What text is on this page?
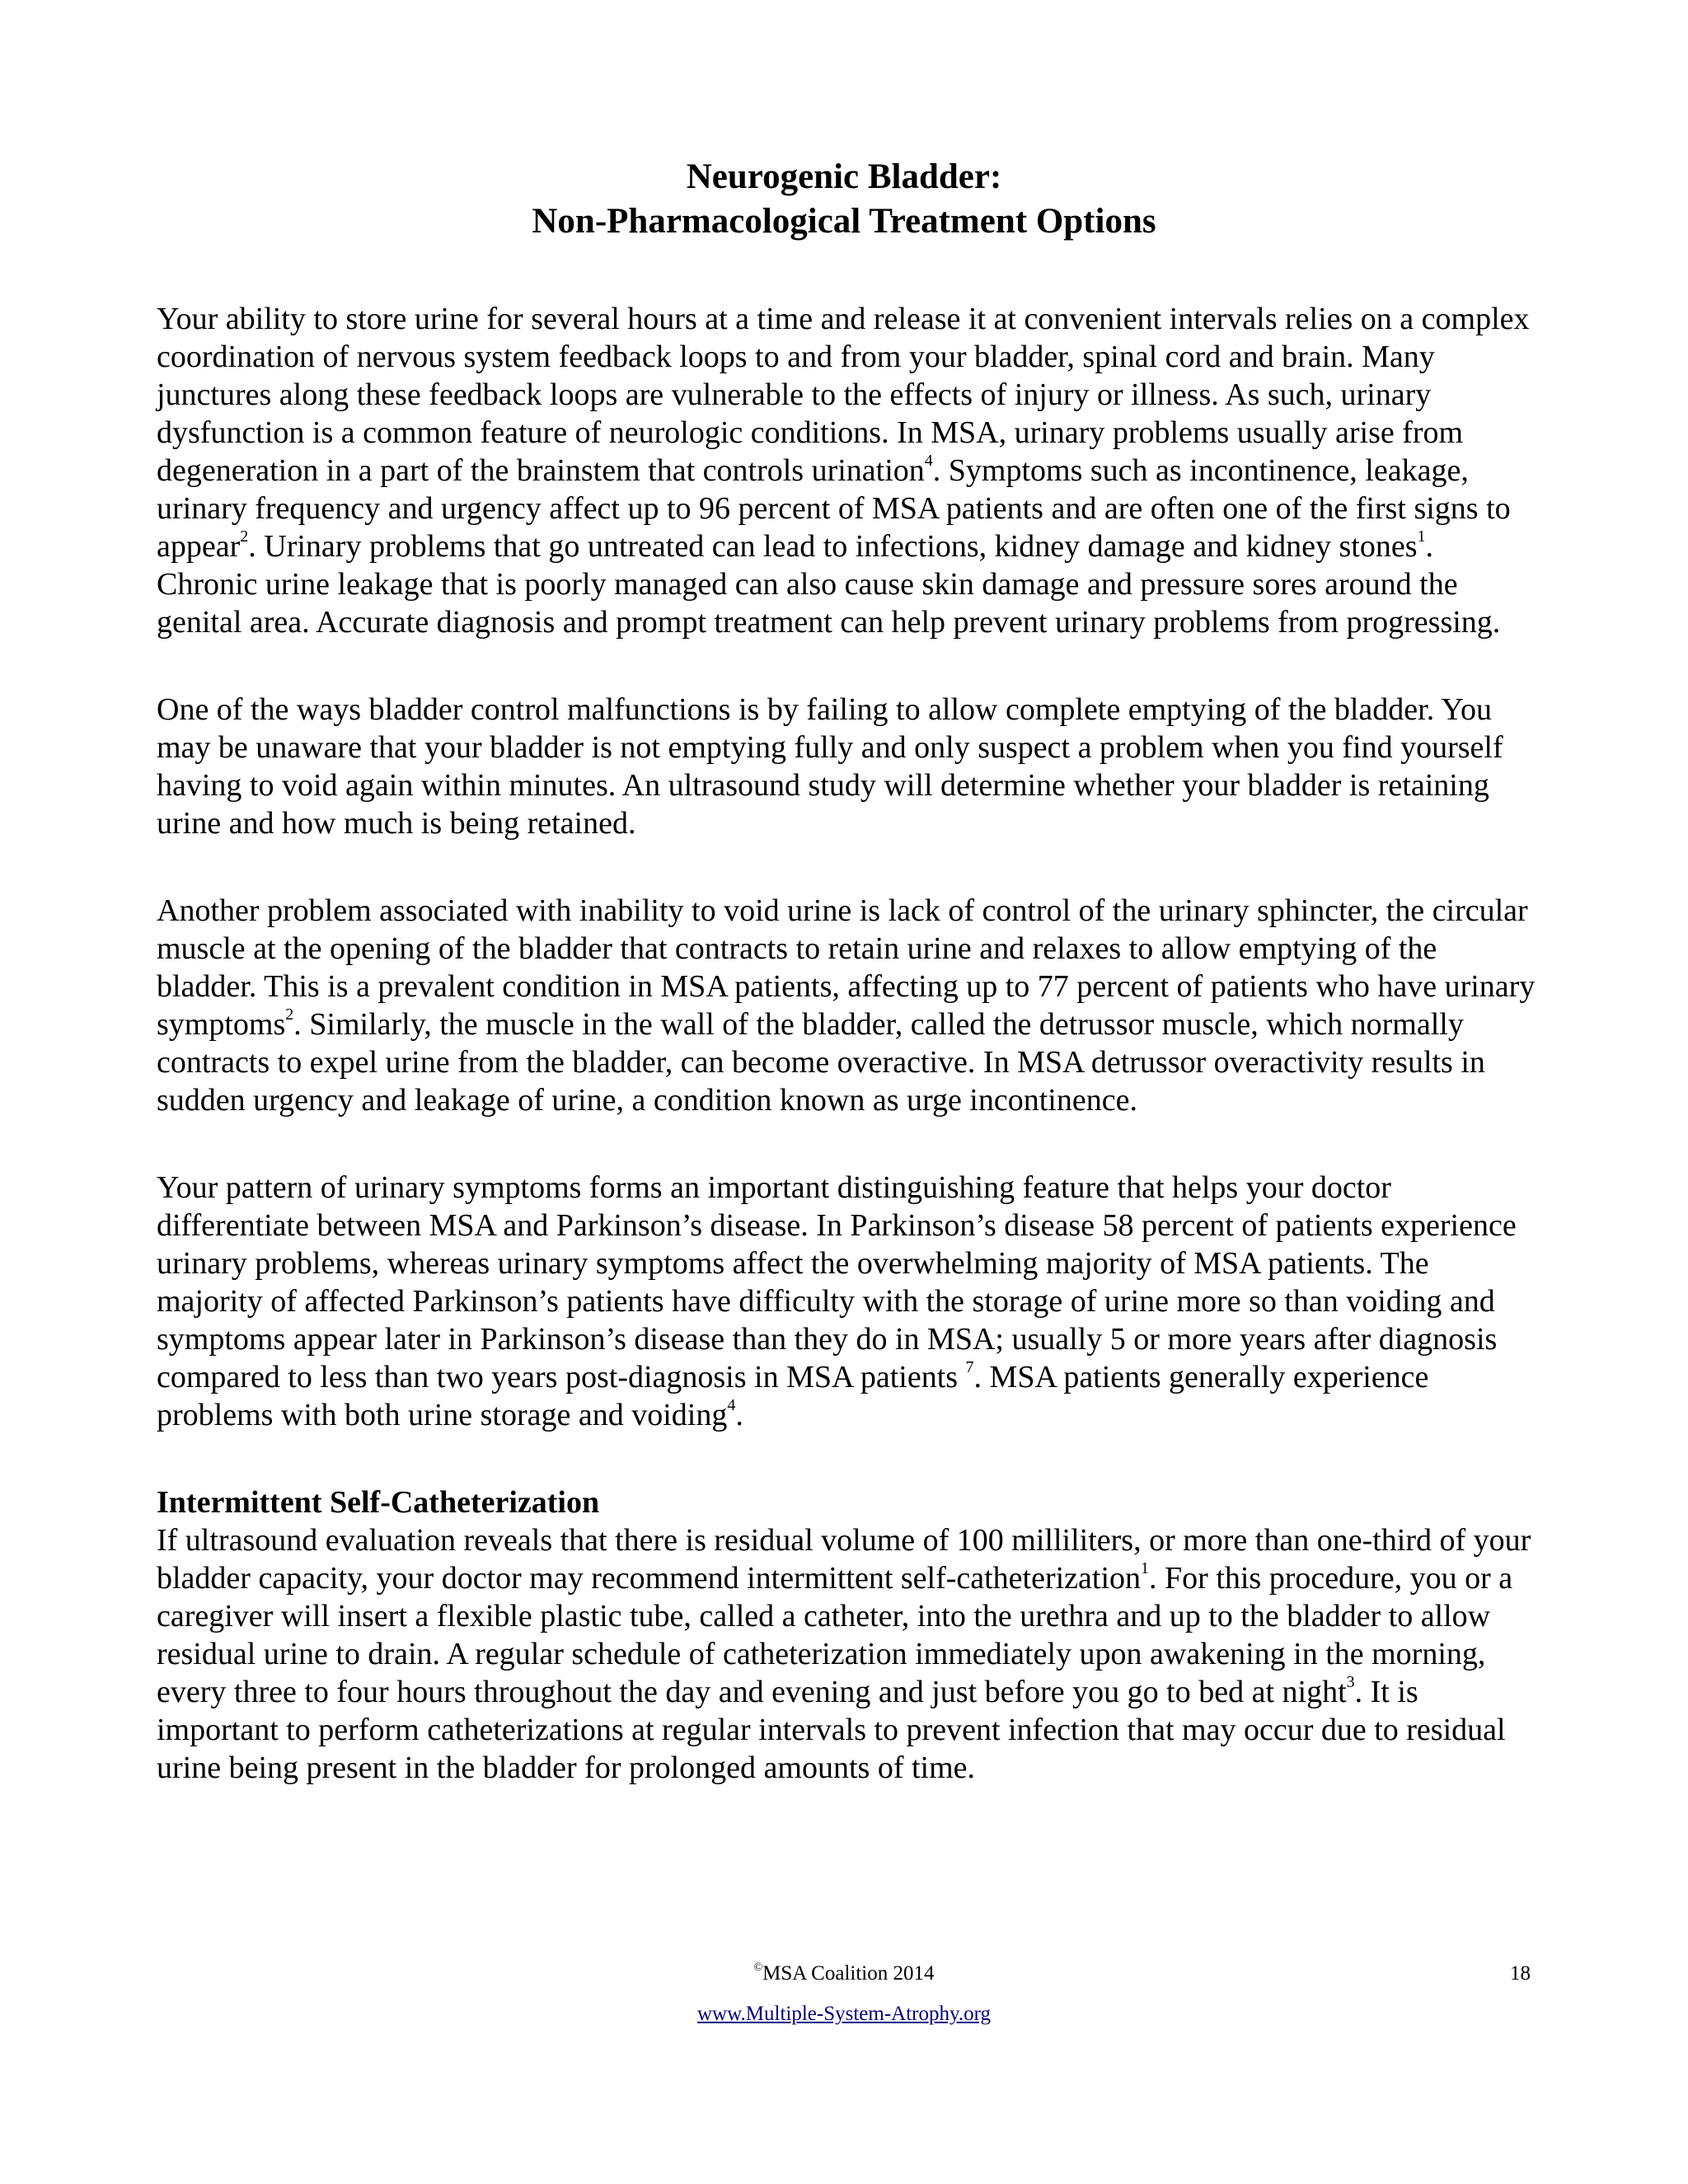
Neurogenic Bladder:
Non-Pharmacological Treatment Options

Your ability to store urine for several hours at a time and release it at convenient intervals relies on a complex coordination of nervous system feedback loops to and from your bladder, spinal cord and brain. Many junctures along these feedback loops are vulnerable to the effects of injury or illness. As such, urinary dysfunction is a common feature of neurologic conditions. In MSA, urinary problems usually arise from degeneration in a part of the brainstem that controls urination$^4$. Symptoms such as incontinence, leakage, urinary frequency and urgency affect up to 96 percent of MSA patients and are often one of the first signs to appear$^2$. Urinary problems that go untreated can lead to infections, kidney damage and kidney stones$^1$. Chronic urine leakage that is poorly managed can also cause skin damage and pressure sores around the genital area. Accurate diagnosis and prompt treatment can help prevent urinary problems from progressing.

One of the ways bladder control malfunctions is by failing to allow complete emptying of the bladder. You may be unaware that your bladder is not emptying fully and only suspect a problem when you find yourself having to void again within minutes. An ultrasound study will determine whether your bladder is retaining urine and how much is being retained.

Another problem associated with inability to void urine is lack of control of the urinary sphincter, the circular muscle at the opening of the bladder that contracts to retain urine and relaxes to allow emptying of the bladder. This is a prevalent condition in MSA patients, affecting up to 77 percent of patients who have urinary symptoms$^2$. Similarly, the muscle in the wall of the bladder, called the detrussor muscle, which normally contracts to expel urine from the bladder, can become overactive. In MSA detrussor overactivity results in sudden urgency and leakage of urine, a condition known as urge incontinence.

Your pattern of urinary symptoms forms an important distinguishing feature that helps your doctor differentiate between MSA and Parkinson’s disease. In Parkinson’s disease 58 percent of patients experience urinary problems, whereas urinary symptoms affect the overwhelming majority of MSA patients. The majority of affected Parkinson’s patients have difficulty with the storage of urine more so than voiding and symptoms appear later in Parkinson’s disease than they do in MSA; usually 5 or more years after diagnosis compared to less than two years post-diagnosis in MSA patients $^7$. MSA patients generally experience problems with both urine storage and voiding$^4$.

Intermittent Self-Catheterization
If ultrasound evaluation reveals that there is residual volume of 100 milliliters, or more than one-third of your bladder capacity, your doctor may recommend intermittent self-catheterization$^1$. For this procedure, you or a caregiver will insert a flexible plastic tube, called a catheter, into the urethra and up to the bladder to allow residual urine to drain. A regular schedule of catheterization immediately upon awakening in the morning, every three to four hours throughout the day and evening and just before you go to bed at night$^3$. It is important to perform catheterizations at regular intervals to prevent infection that may occur due to residual urine being present in the bladder for prolonged amounts of time.

©MSA Coalition 2014	18
www.Multiple-System-Atrophy.org
